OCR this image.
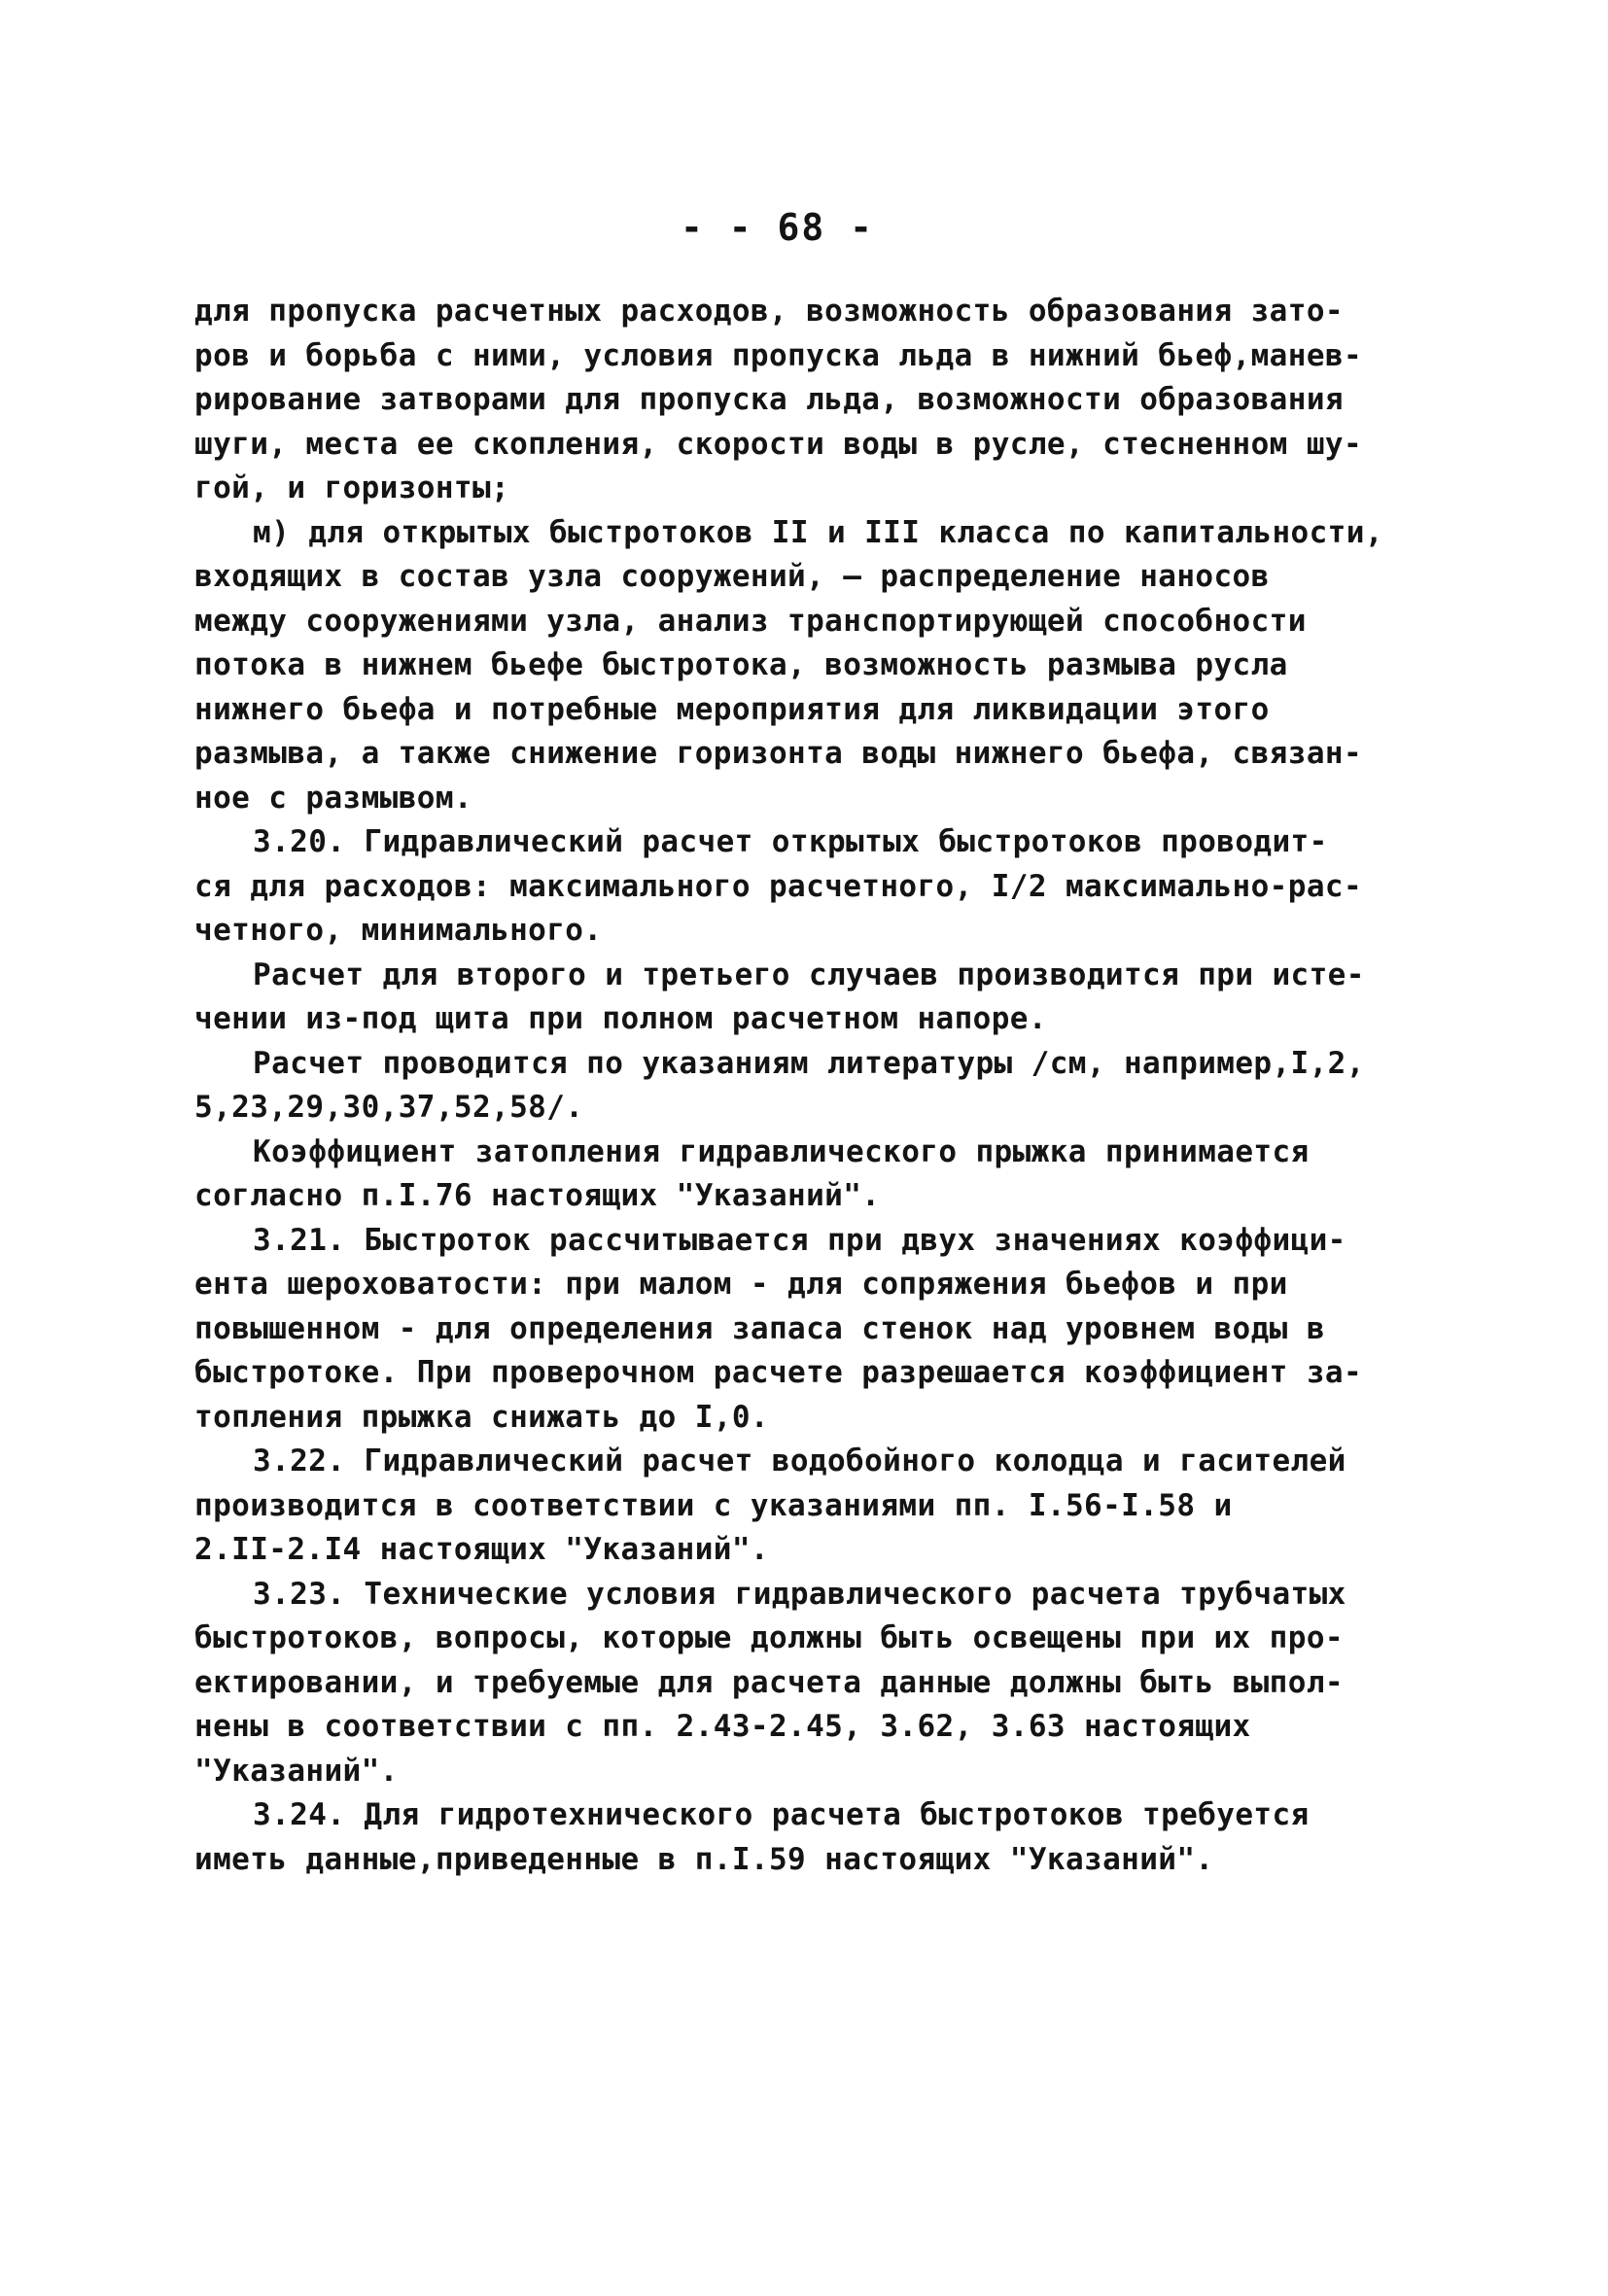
- - 68 -
для пропуска расчетных расходов, возможность образования зато-
ров и борьба с ними, условия пропуска льда в нижний бьеф,манев-
рирование затворами для пропуска льда, возможности образования
шуги, места ее скопления, скорости воды в русле, стесненном шу-
гой, и горизонты;
м) для открытых быстротоков II и III класса по капитальности,
входящих в состав узла сооружений, — распределение наносов
между сооружениями узла, анализ транспортирующей способности
потока в нижнем бьефе быстротока, возможность размыва русла
нижнего бьефа и потребные мероприятия для ликвидации этого
размыва, а также снижение горизонта воды нижнего бьефа, связан-
ное с размывом.
3.20. Гидравлический расчет открытых быстротоков проводит-
ся для расходов: максимального расчетного, I/2 максимально-рас-
четного, минимального.
Расчет для второго и третьего случаев производится при исте-
чении из-под щита при полном расчетном напоре.
Расчет проводится по указаниям литературы /см, например,I,2,
5,23,29,30,37,52,58/.
Коэффициент затопления гидравлического прыжка принимается
согласно п.I.76 настоящих "Указаний".
3.21. Быстроток рассчитывается при двух значениях коэффици-
ента шероховатости: при малом - для сопряжения бьефов и при
повышенном - для определения запаса стенок над уровнем воды в
быстротоке. При проверочном расчете разрешается коэффициент за-
топления прыжка снижать до I,0.
3.22. Гидравлический расчет водобойного колодца и гасителей
производится в соответствии с указаниями пп. I.56-I.58 и
2.II-2.I4 настоящих "Указаний".
3.23. Технические условия гидравлического расчета трубчатых
быстротоков, вопросы, которые должны быть освещены при их про-
ектировании, и требуемые для расчета данные должны быть выпол-
нены в соответствии с пп. 2.43-2.45, 3.62, 3.63 настоящих
"Указаний".
3.24. Для гидротехнического расчета быстротоков требуется
иметь данные,приведенные в п.I.59 настоящих "Указаний".
